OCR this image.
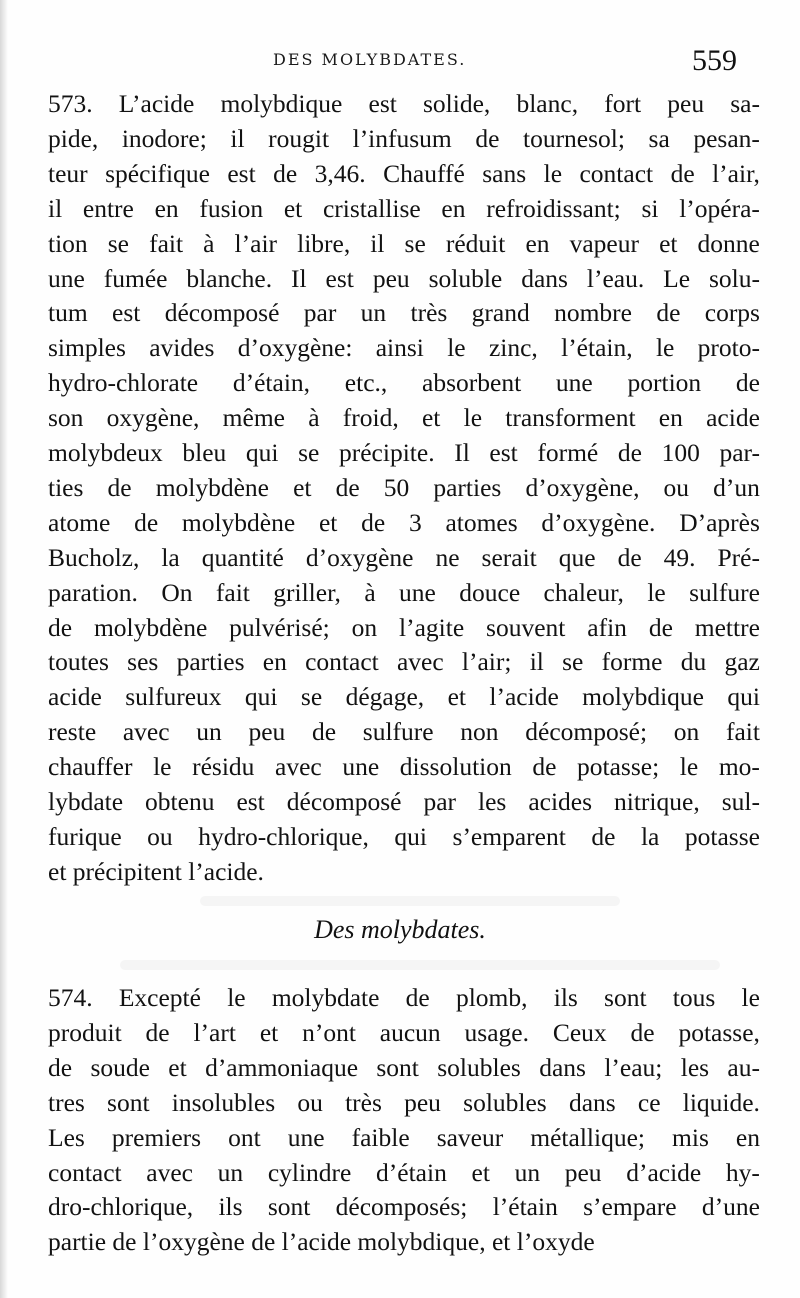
DES MOLYBDATES.	559
573. L’acide molybdique est solide, blanc, fort peu sa-
pide, inodore; il rougit l’infusum de tournesol; sa pesan-
teur spécifique est de 3,46. Chauffé sans le contact de l’air,
il entre en fusion et cristallise en refroidissant; si l’opéra-
tion se fait à l’air libre, il se réduit en vapeur et donne
une fumée blanche. Il est peu soluble dans l’eau. Le solu-
tum est décomposé par un très grand nombre de corps
simples avides d’oxygène: ainsi le zinc, l’étain, le proto-
hydro-chlorate d’étain, etc., absorbent une portion de
son oxygène, même à froid, et le transforment en acide
molybdeux bleu qui se précipite. Il est formé de 100 par-
ties de molybdène et de 50 parties d’oxygène, ou d’un
atome de molybdène et de 3 atomes d’oxygène. D’après
Bucholz, la quantité d’oxygène ne serait que de 49. Pré-
paration. On fait griller, à une douce chaleur, le sulfure
de molybdène pulvérisé; on l’agite souvent afin de mettre
toutes ses parties en contact avec l’air; il se forme du gaz
acide sulfureux qui se dégage, et l’acide molybdique qui
reste avec un peu de sulfure non décomposé; on fait
chauffer le résidu avec une dissolution de potasse; le mo-
lybdate obtenu est décomposé par les acides nitrique, sul-
furique ou hydro-chlorique, qui s’emparent de la potasse
et précipitent l’acide.
Des molybdates.
574. Excepté le molybdate de plomb, ils sont tous le
produit de l’art et n’ont aucun usage. Ceux de potasse,
de soude et d’ammoniaque sont solubles dans l’eau; les au-
tres sont insolubles ou très peu solubles dans ce liquide.
Les premiers ont une faible saveur métallique; mis en
contact avec un cylindre d’étain et un peu d’acide hy-
dro-chlorique, ils sont décomposés; l’étain s’empare d’une
partie de l’oxygène de l’acide molybdique, et l’oxyde
